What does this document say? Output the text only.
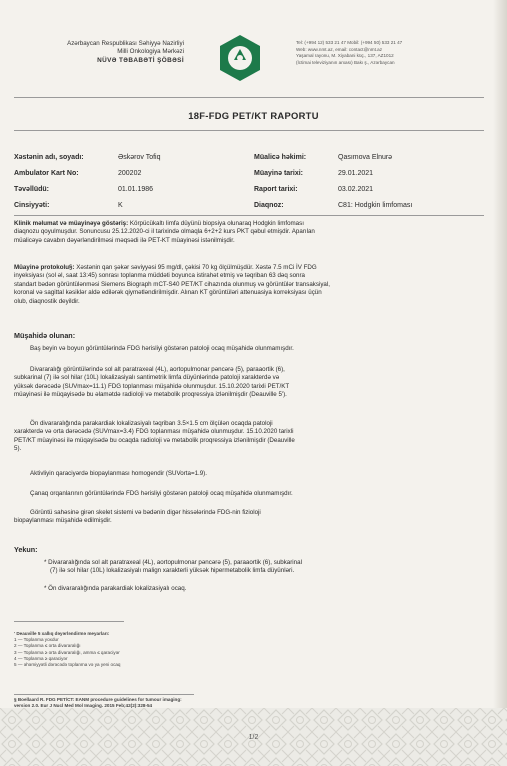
Azərbaycan Respublikası Səhiyyə Nazirliyi
Milli Onkologiya Mərkəzi
NÜVƏ TƏBABƏTİ ŞÖBƏSİ
Tel: (+994 12) 533 21 47 Mobil: (+994 50) 533 21 47
Web: www.nmt.az, email: contact@nmt.az
Yaşamal rayonu, M. Xiyabani küç., 137, AZ1012
(İctimai televiziyanın arxası) Bakı ş., Azərbaycan
18F-FDG PET/KT RAPORTU
Xəstənin adı, soyadı:	Əskərov Tofiq
Ambulator Kart No:	200202
Təvəllüdü:	01.01.1986
Cinsiyyəti:	K
Müalicə həkimi:	Qasımova Elnurə
Müayinə tarixi:	29.01.2021
Raport tarixi:	03.02.2021
Diaqnoz:	C81: Hodgkin limfoması
Klinik məlumat və müayinəyə göstəriş: Körpücükaltı limfa düyünü biopsiya olunaraq Hodgkin limfoması
diaqnozu qoyulmuşdur. Sonuncusu 25.12.2020-ci il tarixində olmaqla 6+2+2 kurs PKT qəbul etmişdir. Aparılan
müalicəyə cavabın dəyərləndirilməsi məqsədi ilə PET-KT müayinəsi istənilmişdir.
Müayinə protokolu§: Xəstənin qan şəkər səviyyəsi 95 mg/dl, çəkisi 70 kg ölçülmüşdür. Xəstə 7.5 mCi İV FDG
inyeksiyası (sol əl, saat 13:45) sonrası toplanma müddəti boyunca istirahət etmiş və təqriban 63 dəq sonra
standart bədən görüntülənməsi Siemens Biograph mCT-S40 PET/KT cihazında olunmuş və görüntülər transaksiyal,
koronal və sagittal kəsiklər aldə edilərək qiymətləndirilmişdir. Alınan KT görüntüləri attenuasiya korreksiyası üçün
olub, diaqnostik deyildir.
Müşahidə olunan:
Baş beyin və boyun görüntülərində FDG hərisliyi göstərən patoloji ocaq müşahidə olunmamışdır.
Divararalığı görüntülərində sol alt paratraxeal (4L), aortopulmonar pəncərə (5), paraaortik (6),
subkarinal (7) ilə sol hilar (10L) lokalizasiyalı santimetrik limfa düyünlərində patoloji xarakterdə və
yüksək dərəcədə (SUVmax=11.1) FDG toplanması müşahidə olunmuşdur. 15.10.2020 tarixli PET/KT
müayinəsi ilə müqayisədə bu əlamətdə radioloji və metabolik proqressiya izlənilmişdir (Deauville 5').
Ön divararalığında parakardiak lokalizasiyalı təqriban 3.5×1.5 cm ölçülən ocaqda patoloji
xarakterdə və orta dərəcədə (SUVmax=3.4) FDG toplanması müşahidə olunmuşdur. 15.10.2020 tarixli
PET/KT müayinəsi ilə müqayisədə bu ocaqda radioloji və metabolik proqressiya izlənilmişdir (Deauville
5).
Aktivliyin qaraciyərdə biopaylanması homogendir (SUVorta=1.9).
Çanaq orqanlarının görüntülərində FDG hərisliyi göstərən patoloji ocaq müşahidə olunmamışdır.
Görüntü sahəsinə girən skelet sistemi və bədənin digər hissələrində FDG-nin fizioloji
biopaylanması müşahidə edilmişdir.
Yekun:
* Divararalığında sol alt paratraxeal (4L), aortopulmonar pəncərə (5), paraaortik (6), subkarinal
(7) ilə sol hilar (10L) lokalizasiyalı malign xarakterli yüksək hipermetabolik limfa düyünləri.
* Ön divararalığında parakardiak lokalizasiyalı ocaq.
' Deauville 5 xallıq dəyərləndirmə meyarları:
1 — Toplanma yoxdur
2 — Toplanma ≤ orta divararalığı
3 — Toplanma ≥ orta divararalığı, amma ≤ qaraciyər
4 — Toplanma ≥ qaraciyər
5 — əhəmiyyətli dərəcədə toplanma və ya yeni ocaq
§ Boellaard R. FDG PET/CT: EANM procedure guidelines for tumour imaging:
version 2.0. Eur J Nucl Med Mol Imaging. 2015 Feb;42(2):328-54
1/2
